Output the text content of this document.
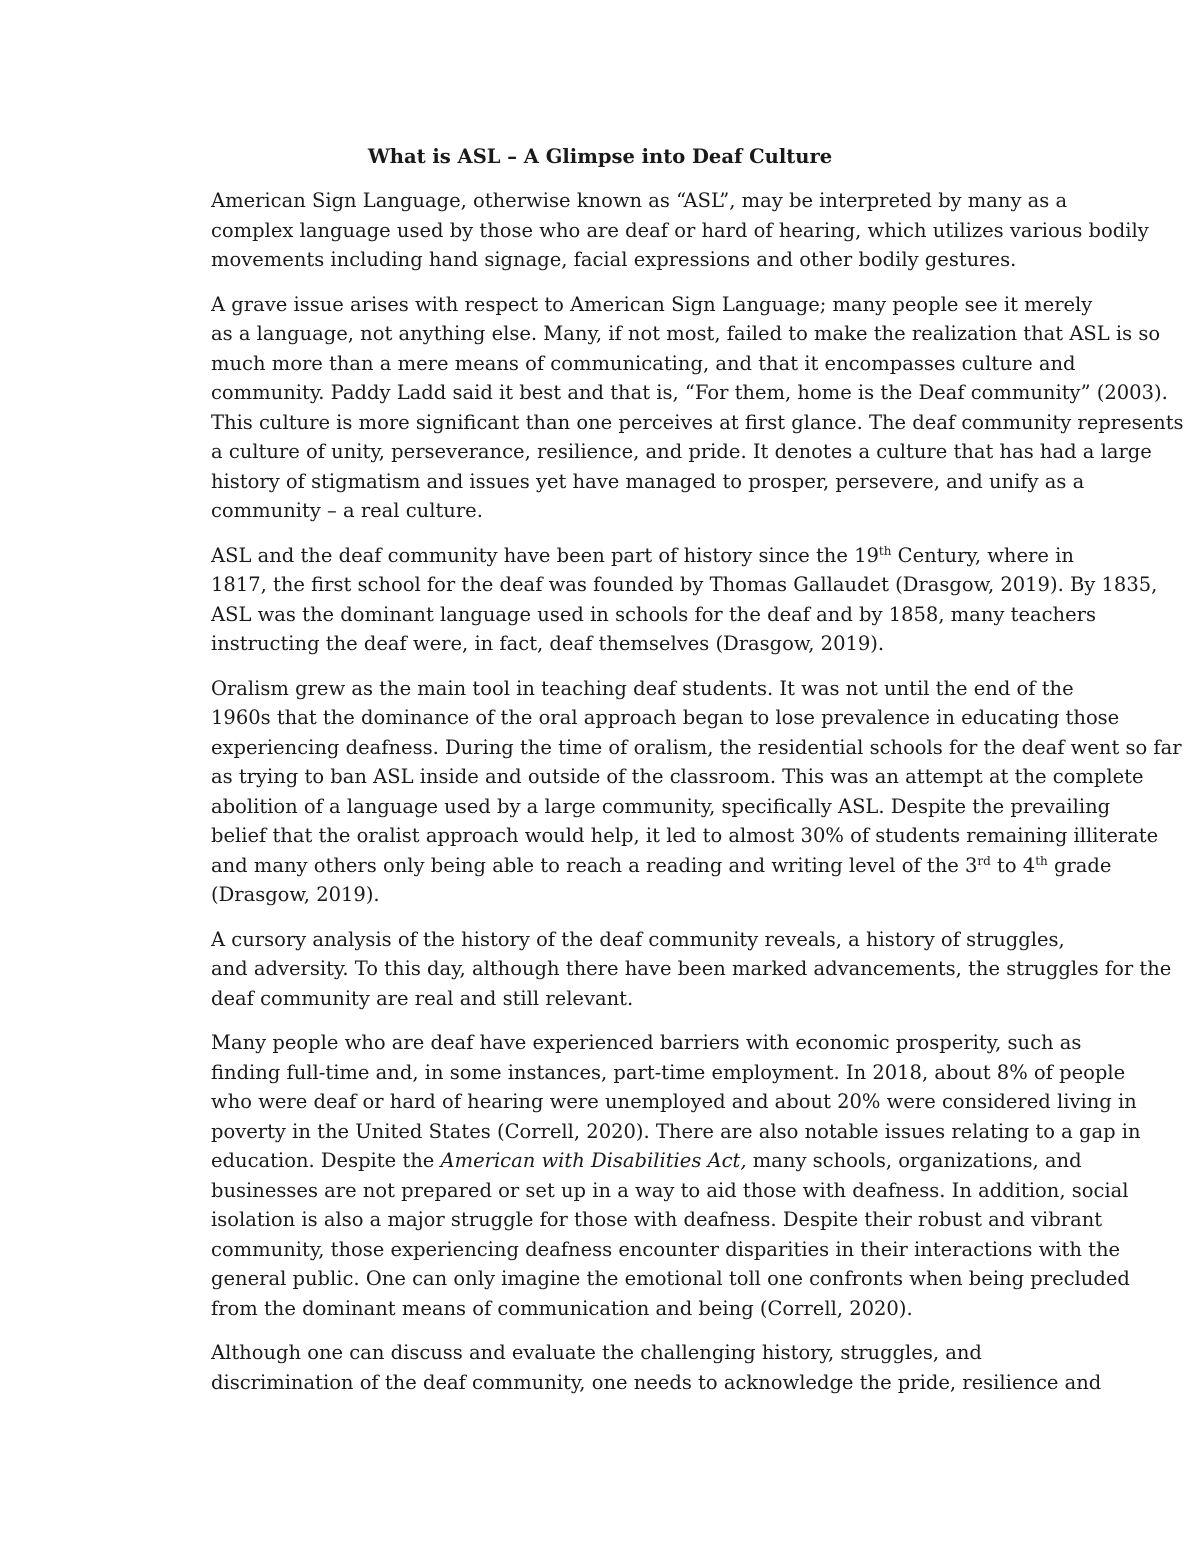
What is ASL – A Glimpse into Deaf Culture

American Sign Language, otherwise known as “ASL”, may be interpreted by many as a
complex language used by those who are deaf or hard of hearing, which utilizes various bodily
movements including hand signage, facial expressions and other bodily gestures.

A grave issue arises with respect to American Sign Language; many people see it merely
as a language, not anything else. Many, if not most, failed to make the realization that ASL is so
much more than a mere means of communicating, and that it encompasses culture and
community. Paddy Ladd said it best and that is, “For them, home is the Deaf community” (2003).
This culture is more significant than one perceives at first glance. The deaf community represents
a culture of unity, perseverance, resilience, and pride. It denotes a culture that has had a large
history of stigmatism and issues yet have managed to prosper, persevere, and unify as a
community – a real culture.

ASL and the deaf community have been part of history since the 19th Century, where in
1817, the first school for the deaf was founded by Thomas Gallaudet (Drasgow, 2019). By 1835,
ASL was the dominant language used in schools for the deaf and by 1858, many teachers
instructing the deaf were, in fact, deaf themselves (Drasgow, 2019).

Oralism grew as the main tool in teaching deaf students. It was not until the end of the
1960s that the dominance of the oral approach began to lose prevalence in educating those
experiencing deafness. During the time of oralism, the residential schools for the deaf went so far
as trying to ban ASL inside and outside of the classroom. This was an attempt at the complete
abolition of a language used by a large community, specifically ASL. Despite the prevailing
belief that the oralist approach would help, it led to almost 30% of students remaining illiterate
and many others only being able to reach a reading and writing level of the 3rd to 4th grade
(Drasgow, 2019).

A cursory analysis of the history of the deaf community reveals, a history of struggles,
and adversity. To this day, although there have been marked advancements, the struggles for the
deaf community are real and still relevant.

Many people who are deaf have experienced barriers with economic prosperity, such as
finding full-time and, in some instances, part-time employment. In 2018, about 8% of people
who were deaf or hard of hearing were unemployed and about 20% were considered living in
poverty in the United States (Correll, 2020). There are also notable issues relating to a gap in
education. Despite the American with Disabilities Act, many schools, organizations, and
businesses are not prepared or set up in a way to aid those with deafness. In addition, social
isolation is also a major struggle for those with deafness. Despite their robust and vibrant
community, those experiencing deafness encounter disparities in their interactions with the
general public. One can only imagine the emotional toll one confronts when being precluded
from the dominant means of communication and being (Correll, 2020).

Although one can discuss and evaluate the challenging history, struggles, and
discrimination of the deaf community, one needs to acknowledge the pride, resilience and
